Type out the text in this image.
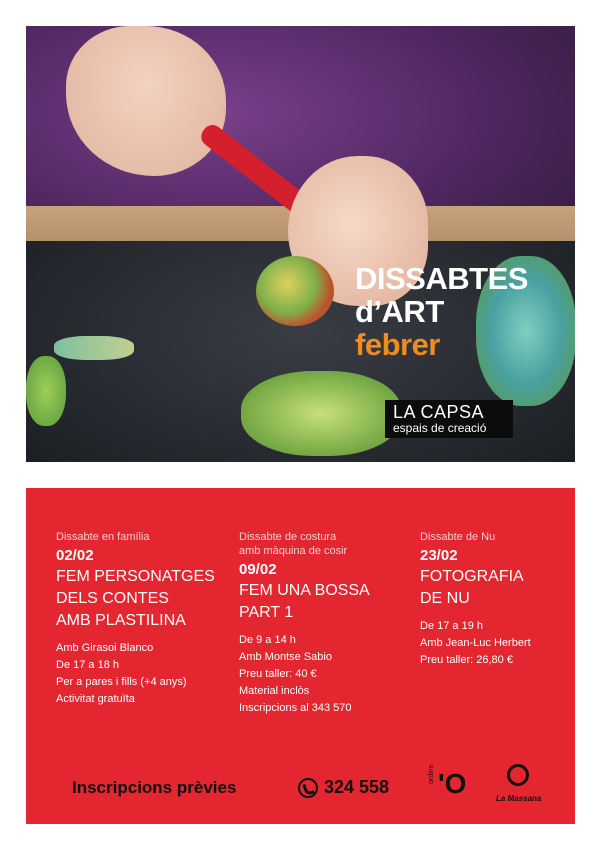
DISSABTES
d’ART
febrer
LA CAPSA
espais de creació
Dissabte en família
02/02
FEM PERSONATGES
DELS CONTES
AMB PLASTILINA
Amb Girasoi Blanco
De 17 a 18 h
Per a pares i fills (+4 anys)
Activitat gratuïta
Dissabte de costura
amb màquina de cosir
09/02
FEM UNA BOSSA
PART 1
De 9 a 14 h
Amb Montse Sabio
Preu taller: 40 €
Material inclòs
Inscripcions al 343 570
Dissabte de Nu
23/02
FOTOGRAFIA
DE NU
De 17 a 19 h
Amb Jean-Luc Herbert
Preu taller: 26,80 €
Inscripcions prèvies	324 558
ordino 'O	La Massana
